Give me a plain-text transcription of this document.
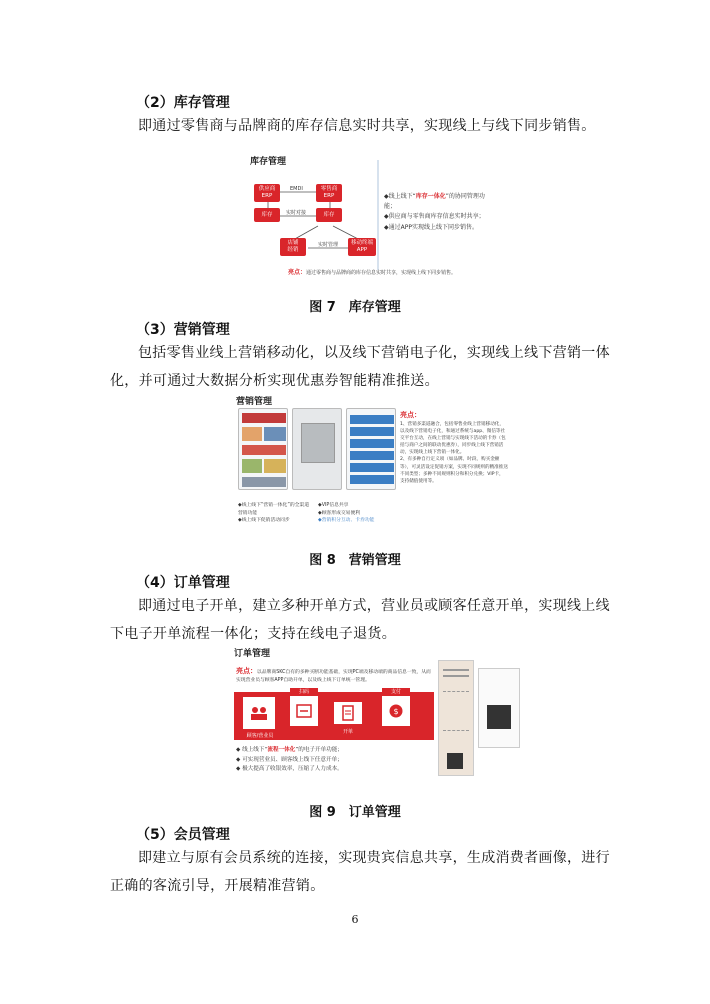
（2）库存管理
即通过零售商与品牌商的库存信息实时共享，实现线上与线下同步销售。
库存管理
供应商
ERP
零售商
ERP
库存	库存
店铺
经销
移动终端
APP
EMDI
实时对接
实时管理
◆线上线下“库存一体化”的协同管理功能；
◆供应商与零售商库存信息实时共享；
◆通过APP实现线上线下同步销售。
亮点：通过零售商与品牌商的库存信息实时共享，实现线上线下同步销售。
图 7　库存管理
（3）营销管理
包括零售业线上营销移动化，以及线下营销电子化，实现线上线下营销一体化，并可通过大数据分析实现优惠券智能精准推送。
营销管理
亮点：
1、营销多渠道融合，包括零售业线上营销移动化，以及线下营销电子化，和通过系统与app、微信等社交平台互动，在线上营销与实现线下活动的卡券（包括与商户之间的联动优惠券），同步线上线下营销活动，实现线上线下营销一体化。
2、有多种自行定义项（如品牌、时段、购买金额等），可灵活设定促销方案，实现不同规则的精准推送不同类型；多种不同规则积分和积分兑换；VIP卡，支持储值使用等。
◆线上线下“营销一体化”的全渠道营销功能
◆线上线下促销活动同步
◆VIP信息共享
◆顾客形成交易便利
◆营销积分互动、卡券功能
图 8　营销管理
（4）订单管理
即通过电子开单，建立多种开单方式，营业员或顾客任意开单，实现线上线下电子开单流程一体化；支持在线电子退货。
订单管理
亮点：以品牌商SKC自有的多种买断功能基础，实现PC端及移动端的商品信息一致，从而实现营业员与顾客APP自助开单，以及线上线下订单统一管理。
$
顾客/营业员
扫码
开单
支付
◆ 线上线下“流程一体化”的电子开单功能；
◆ 可实现营业员、顾客线上线下任意开单；
◆ 极大提高了收银效率，压缩了人力成本。
图 9　订单管理
（5）会员管理
即建立与原有会员系统的连接，实现贵宾信息共享，生成消费者画像，进行正确的客流引导，开展精准营销。
6
